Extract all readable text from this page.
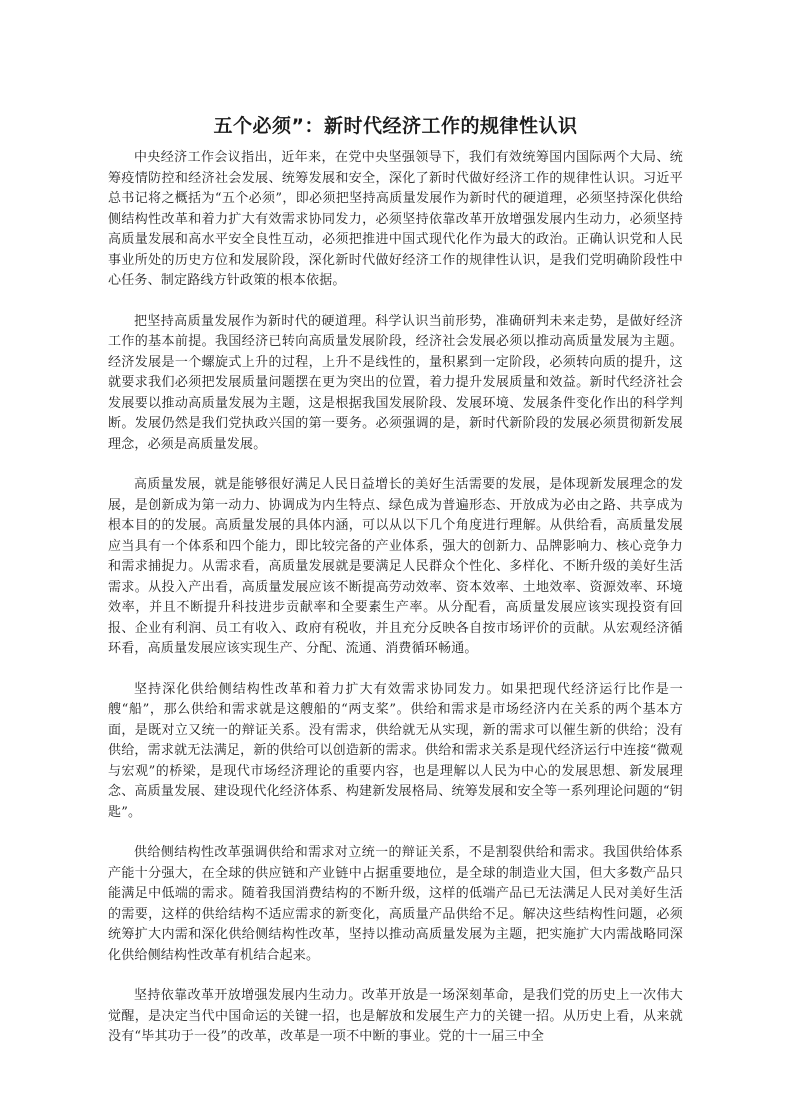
五个必须”：新时代经济工作的规律性认识

中央经济工作会议指出，近年来，在党中央坚强领导下，我们有效统筹国内国际两个大局、统筹疫情防控和经济社会发展、统筹发展和安全，深化了新时代做好经济工作的规律性认识。习近平总书记将之概括为“五个必须”，即必须把坚持高质量发展作为新时代的硬道理，必须坚持深化供给侧结构性改革和着力扩大有效需求协同发力，必须坚持依靠改革开放增强发展内生动力，必须坚持高质量发展和高水平安全良性互动，必须把推进中国式现代化作为最大的政治。正确认识党和人民事业所处的历史方位和发展阶段，深化新时代做好经济工作的规律性认识，是我们党明确阶段性中心任务、制定路线方针政策的根本依据。

把坚持高质量发展作为新时代的硬道理。科学认识当前形势，准确研判未来走势，是做好经济工作的基本前提。我国经济已转向高质量发展阶段，经济社会发展必须以推动高质量发展为主题。经济发展是一个螺旋式上升的过程，上升不是线性的，量积累到一定阶段，必须转向质的提升，这就要求我们必须把发展质量问题摆在更为突出的位置，着力提升发展质量和效益。新时代经济社会发展要以推动高质量发展为主题，这是根据我国发展阶段、发展环境、发展条件变化作出的科学判断。发展仍然是我们党执政兴国的第一要务。必须强调的是，新时代新阶段的发展必须贯彻新发展理念，必须是高质量发展。

高质量发展，就是能够很好满足人民日益增长的美好生活需要的发展，是体现新发展理念的发展，是创新成为第一动力、协调成为内生特点、绿色成为普遍形态、开放成为必由之路、共享成为根本目的的发展。高质量发展的具体内涵，可以从以下几个角度进行理解。从供给看，高质量发展应当具有一个体系和四个能力，即比较完备的产业体系，强大的创新力、品牌影响力、核心竞争力和需求捕捉力。从需求看，高质量发展就是要满足人民群众个性化、多样化、不断升级的美好生活需求。从投入产出看，高质量发展应该不断提高劳动效率、资本效率、土地效率、资源效率、环境效率，并且不断提升科技进步贡献率和全要素生产率。从分配看，高质量发展应该实现投资有回报、企业有利润、员工有收入、政府有税收，并且充分反映各自按市场评价的贡献。从宏观经济循环看，高质量发展应该实现生产、分配、流通、消费循环畅通。

坚持深化供给侧结构性改革和着力扩大有效需求协同发力。如果把现代经济运行比作是一艘“船”，那么供给和需求就是这艘船的“两支桨”。供给和需求是市场经济内在关系的两个基本方面，是既对立又统一的辩证关系。没有需求，供给就无从实现，新的需求可以催生新的供给；没有供给，需求就无法满足，新的供给可以创造新的需求。供给和需求关系是现代经济运行中连接“微观与宏观”的桥梁，是现代市场经济理论的重要内容，也是理解以人民为中心的发展思想、新发展理念、高质量发展、建设现代化经济体系、构建新发展格局、统筹发展和安全等一系列理论问题的“钥匙”。

供给侧结构性改革强调供给和需求对立统一的辩证关系，不是割裂供给和需求。我国供给体系产能十分强大，在全球的供应链和产业链中占据重要地位，是全球的制造业大国，但大多数产品只能满足中低端的需求。随着我国消费结构的不断升级，这样的低端产品已无法满足人民对美好生活的需要，这样的供给结构不适应需求的新变化，高质量产品供给不足。解决这些结构性问题，必须统筹扩大内需和深化供给侧结构性改革，坚持以推动高质量发展为主题，把实施扩大内需战略同深化供给侧结构性改革有机结合起来。

坚持依靠改革开放增强发展内生动力。改革开放是一场深刻革命，是我们党的历史上一次伟大觉醒，是决定当代中国命运的关键一招，也是解放和发展生产力的关键一招。从历史上看，从来就没有“毕其功于一役”的改革，改革是一项不中断的事业。党的十一届三中全
